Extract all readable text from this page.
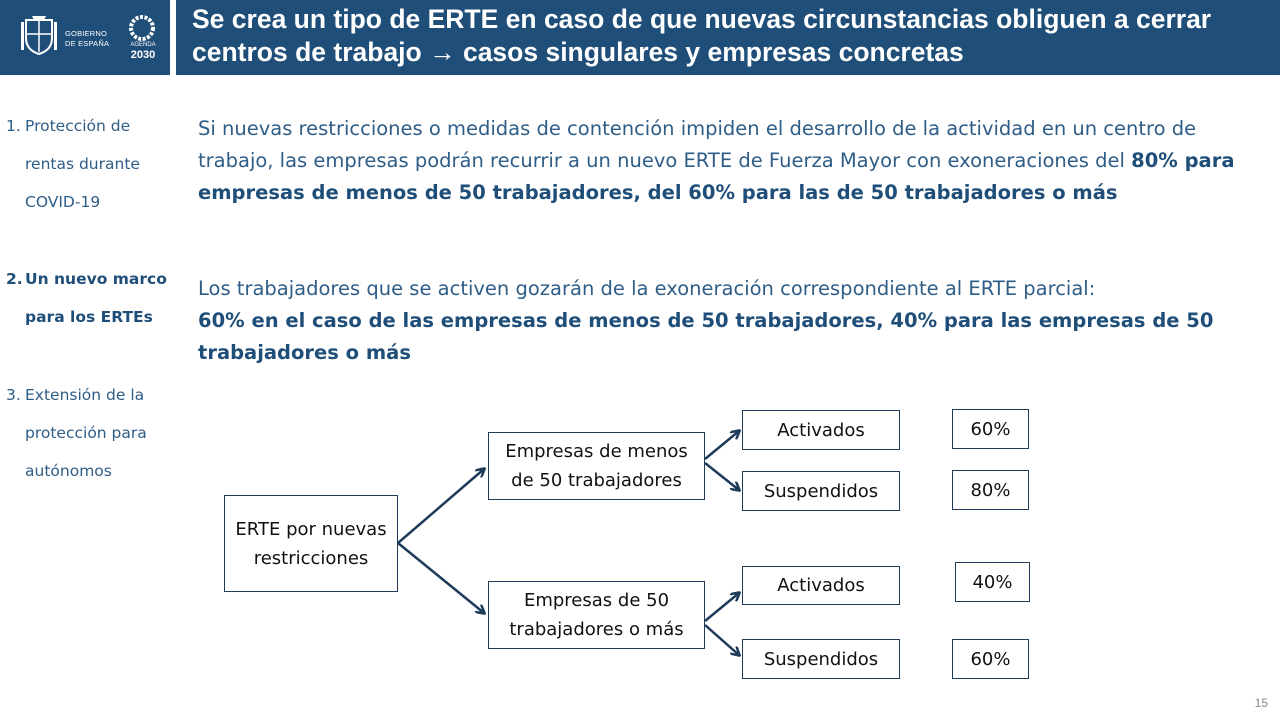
GOBIERNO
DE ESPAÑA	AGENDA
2030
Se crea un tipo de ERTE en caso de que nuevas circunstancias obliguen a cerrar centros de trabajo → casos singulares y empresas concretas
1. Protección de rentas durante COVID-19
2. Un nuevo marco para los ERTEs
3. Extensión de la protección para autónomos
Si nuevas restricciones o medidas de contención impiden el desarrollo de la actividad en un centro de trabajo, las empresas podrán recurrir a un nuevo ERTE de Fuerza Mayor con exoneraciones del 80% para empresas de menos de 50 trabajadores, del 60% para las de 50 trabajadores o más
Los trabajadores que se activen gozarán de la exoneración correspondiente al ERTE parcial:
60% en el caso de las empresas de menos de 50 trabajadores, 40% para las empresas de 50 trabajadores o más
ERTE por nuevas restricciones
Empresas de menos de 50 trabajadores
Empresas de 50 trabajadores o más
Activados
Suspendidos
Activados
Suspendidos
60%
80%
40%
60%
15
